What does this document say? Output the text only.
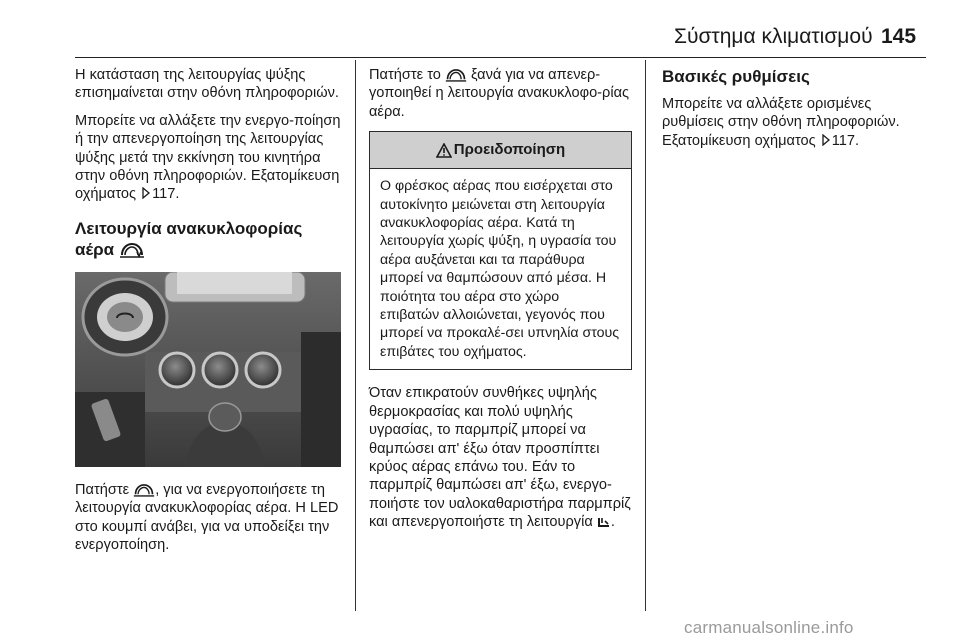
Σύστημα κλιματισμού 145

Η κατάσταση της λειτουργίας ψύξης επισημαίνεται στην οθόνη πληροφοριών.

Μπορείτε να αλλάξετε την ενεργο-ποίηση ή την απενεργοποίηση της λειτουργίας ψύξης μετά την εκκίνηση του κινητήρα στην οθόνη πληροφοριών. Εξατομίκευση οχήματος 117.

Λειτουργία ανακυκλοφορίας αέρα

Πατήστε , για να ενεργοποιήσετε τη λειτουργία ανακυκλοφορίας αέρα. Η LED στο κουμπί ανάβει, για να υποδείξει την ενεργοποίηση.

Πατήστε το ξανά για να απενερ-γοποιηθεί η λειτουργία ανακυκλοφο-ρίας αέρα.

Προειδοποίηση
Ο φρέσκος αέρας που εισέρχεται στο αυτοκίνητο μειώνεται στη λειτουργία ανακυκλοφορίας αέρα. Κατά τη λειτουργία χωρίς ψύξη, η υγρασία του αέρα αυξάνεται και τα παράθυρα μπορεί να θαμπώσουν από μέσα. Η ποιότητα του αέρα στο χώρο επιβατών αλλοιώνεται, γεγονός που μπορεί να προκαλέ-σει υπνηλία στους επιβάτες του οχήματος.

Όταν επικρατούν συνθήκες υψηλής θερμοκρασίας και πολύ υψηλής υγρασίας, το παρμπρίζ μπορεί να θαμπώσει απ' έξω όταν προσπίπτει κρύος αέρας επάνω του. Εάν το παρμπρίζ θαμπώσει απ' έξω, ενεργο-ποιήστε τον υαλοκαθαριστήρα παρμπρίζ και απενεργοποιήστε τη λειτουργία .

Βασικές ρυθμίσεις

Μπορείτε να αλλάξετε ορισμένες ρυθμίσεις στην οθόνη πληροφοριών. Εξατομίκευση οχήματος 117.

carmanualsonline.info
